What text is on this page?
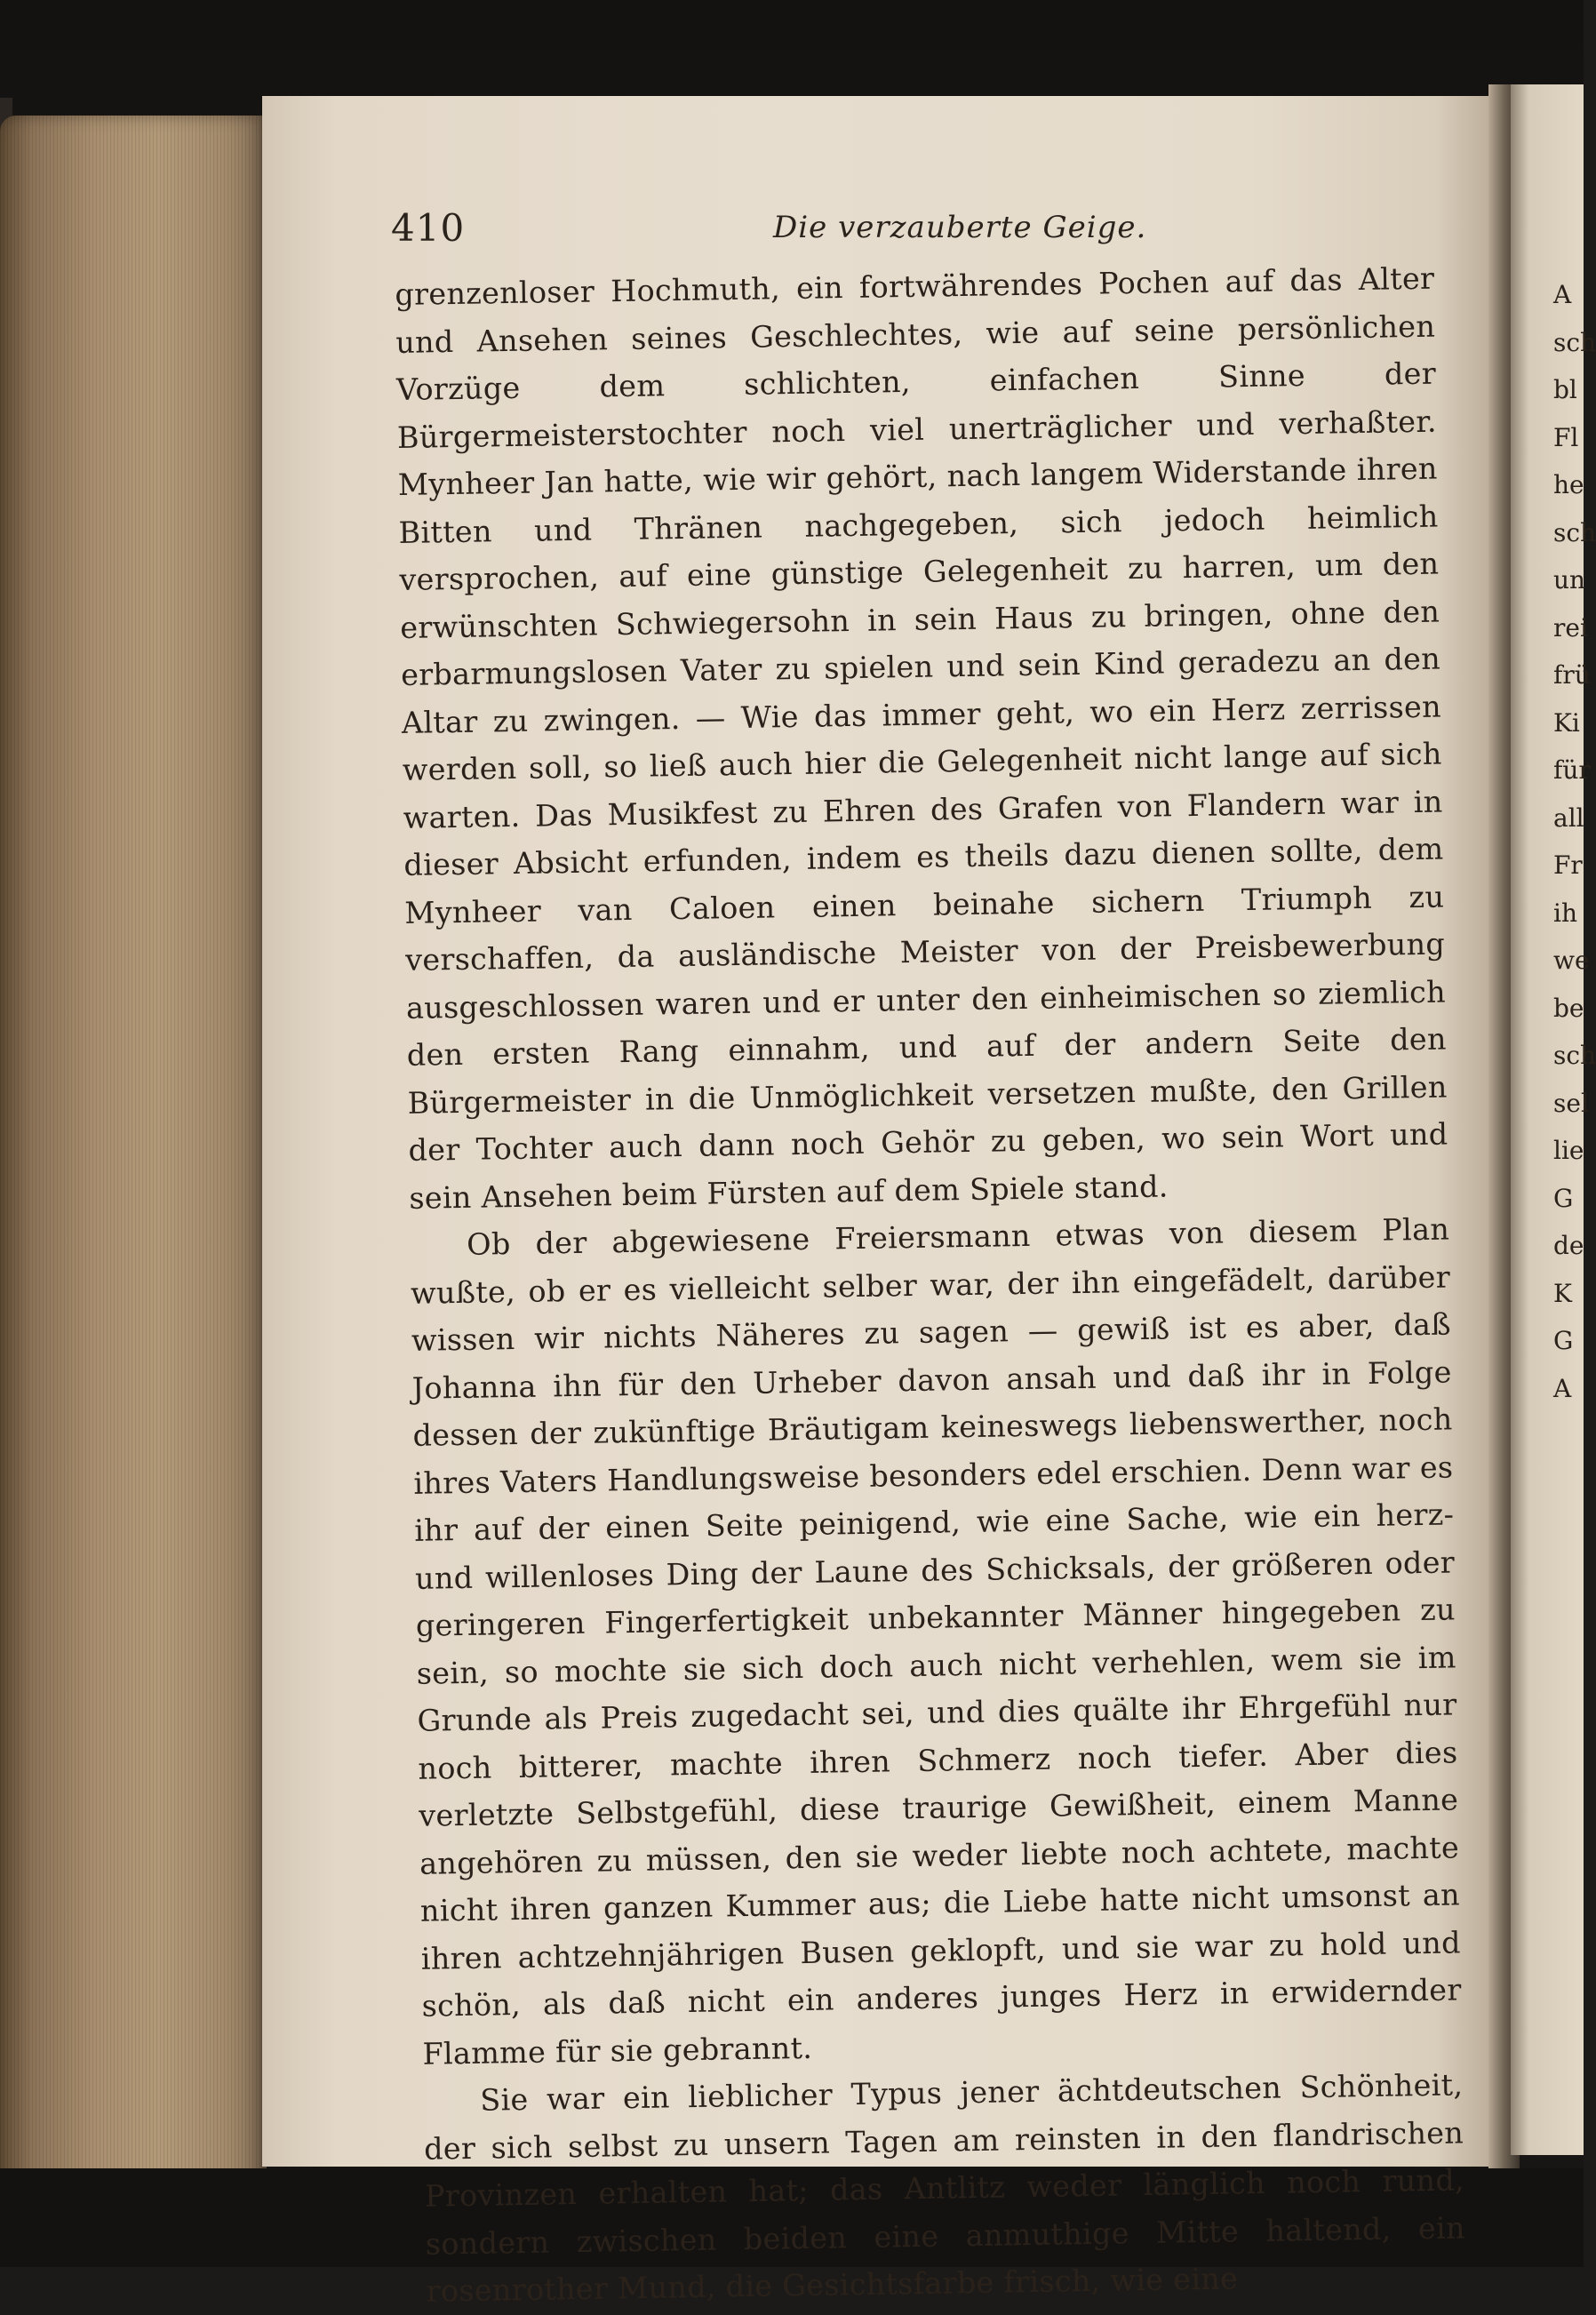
410	Die verzauberte Geige.

grenzenloser Hochmuth, ein fortwährendes Pochen auf das Alter und Ansehen seines Geschlechtes, wie auf seine persönlichen Vorzüge dem schlichten, einfachen Sinne der Bürgermeisterstochter noch viel unerträglicher und verhaßter. Mynheer Jan hatte, wie wir gehört, nach langem Widerstande ihren Bitten und Thränen nachgegeben, sich jedoch heimlich versprochen, auf eine günstige Gelegenheit zu harren, um den erwünschten Schwiegersohn in sein Haus zu bringen, ohne den erbarmungslosen Vater zu spielen und sein Kind geradezu an den Altar zu zwingen. — Wie das immer geht, wo ein Herz zerrissen werden soll, so ließ auch hier die Gelegenheit nicht lange auf sich warten. Das Musikfest zu Ehren des Grafen von Flandern war in dieser Absicht erfunden, indem es theils dazu dienen sollte, dem Mynheer van Caloen einen beinahe sichern Triumph zu verschaffen, da ausländische Meister von der Preisbewerbung ausgeschlossen waren und er unter den einheimischen so ziemlich den ersten Rang einnahm, und auf der andern Seite den Bürgermeister in die Unmöglichkeit versetzen mußte, den Grillen der Tochter auch dann noch Gehör zu geben, wo sein Wort und sein Ansehen beim Fürsten auf dem Spiele stand.

Ob der abgewiesene Freiersmann etwas von diesem Plan wußte, ob er es vielleicht selber war, der ihn eingefädelt, darüber wissen wir nichts Näheres zu sagen — gewiß ist es aber, daß Johanna ihn für den Urheber davon ansah und daß ihr in Folge dessen der zukünftige Bräutigam keineswegs liebenswerther, noch ihres Vaters Handlungsweise besonders edel erschien. Denn war es ihr auf der einen Seite peinigend, wie eine Sache, wie ein herz- und willenloses Ding der Laune des Schicksals, der größeren oder geringeren Fingerfertigkeit unbekannter Männer hingegeben zu sein, so mochte sie sich doch auch nicht verhehlen, wem sie im Grunde als Preis zugedacht sei, und dies quälte ihr Ehrgefühl nur noch bitterer, machte ihren Schmerz noch tiefer. Aber dies verletzte Selbstgefühl, diese traurige Gewißheit, einem Manne angehören zu müssen, den sie weder liebte noch achtete, machte nicht ihren ganzen Kummer aus; die Liebe hatte nicht umsonst an ihren achtzehnjährigen Busen geklopft, und sie war zu hold und schön, als daß nicht ein anderes junges Herz in erwidernder Flamme für sie gebrannt.

Sie war ein lieblicher Typus jener ächtdeutschen Schönheit, der sich selbst zu unsern Tagen am reinsten in den flandrischen Provinzen erhalten hat; das Antlitz weder länglich noch rund, sondern zwischen beiden eine anmuthige Mitte haltend, ein rosenrother Mund, die Gesichtsfarbe frisch, wie eine

A
sch
bl
Fl
he
sch
un
rei
frü
Ki
für
all
Fr
ih
we
be
sch
sel
lie
G
de
K
G
A
